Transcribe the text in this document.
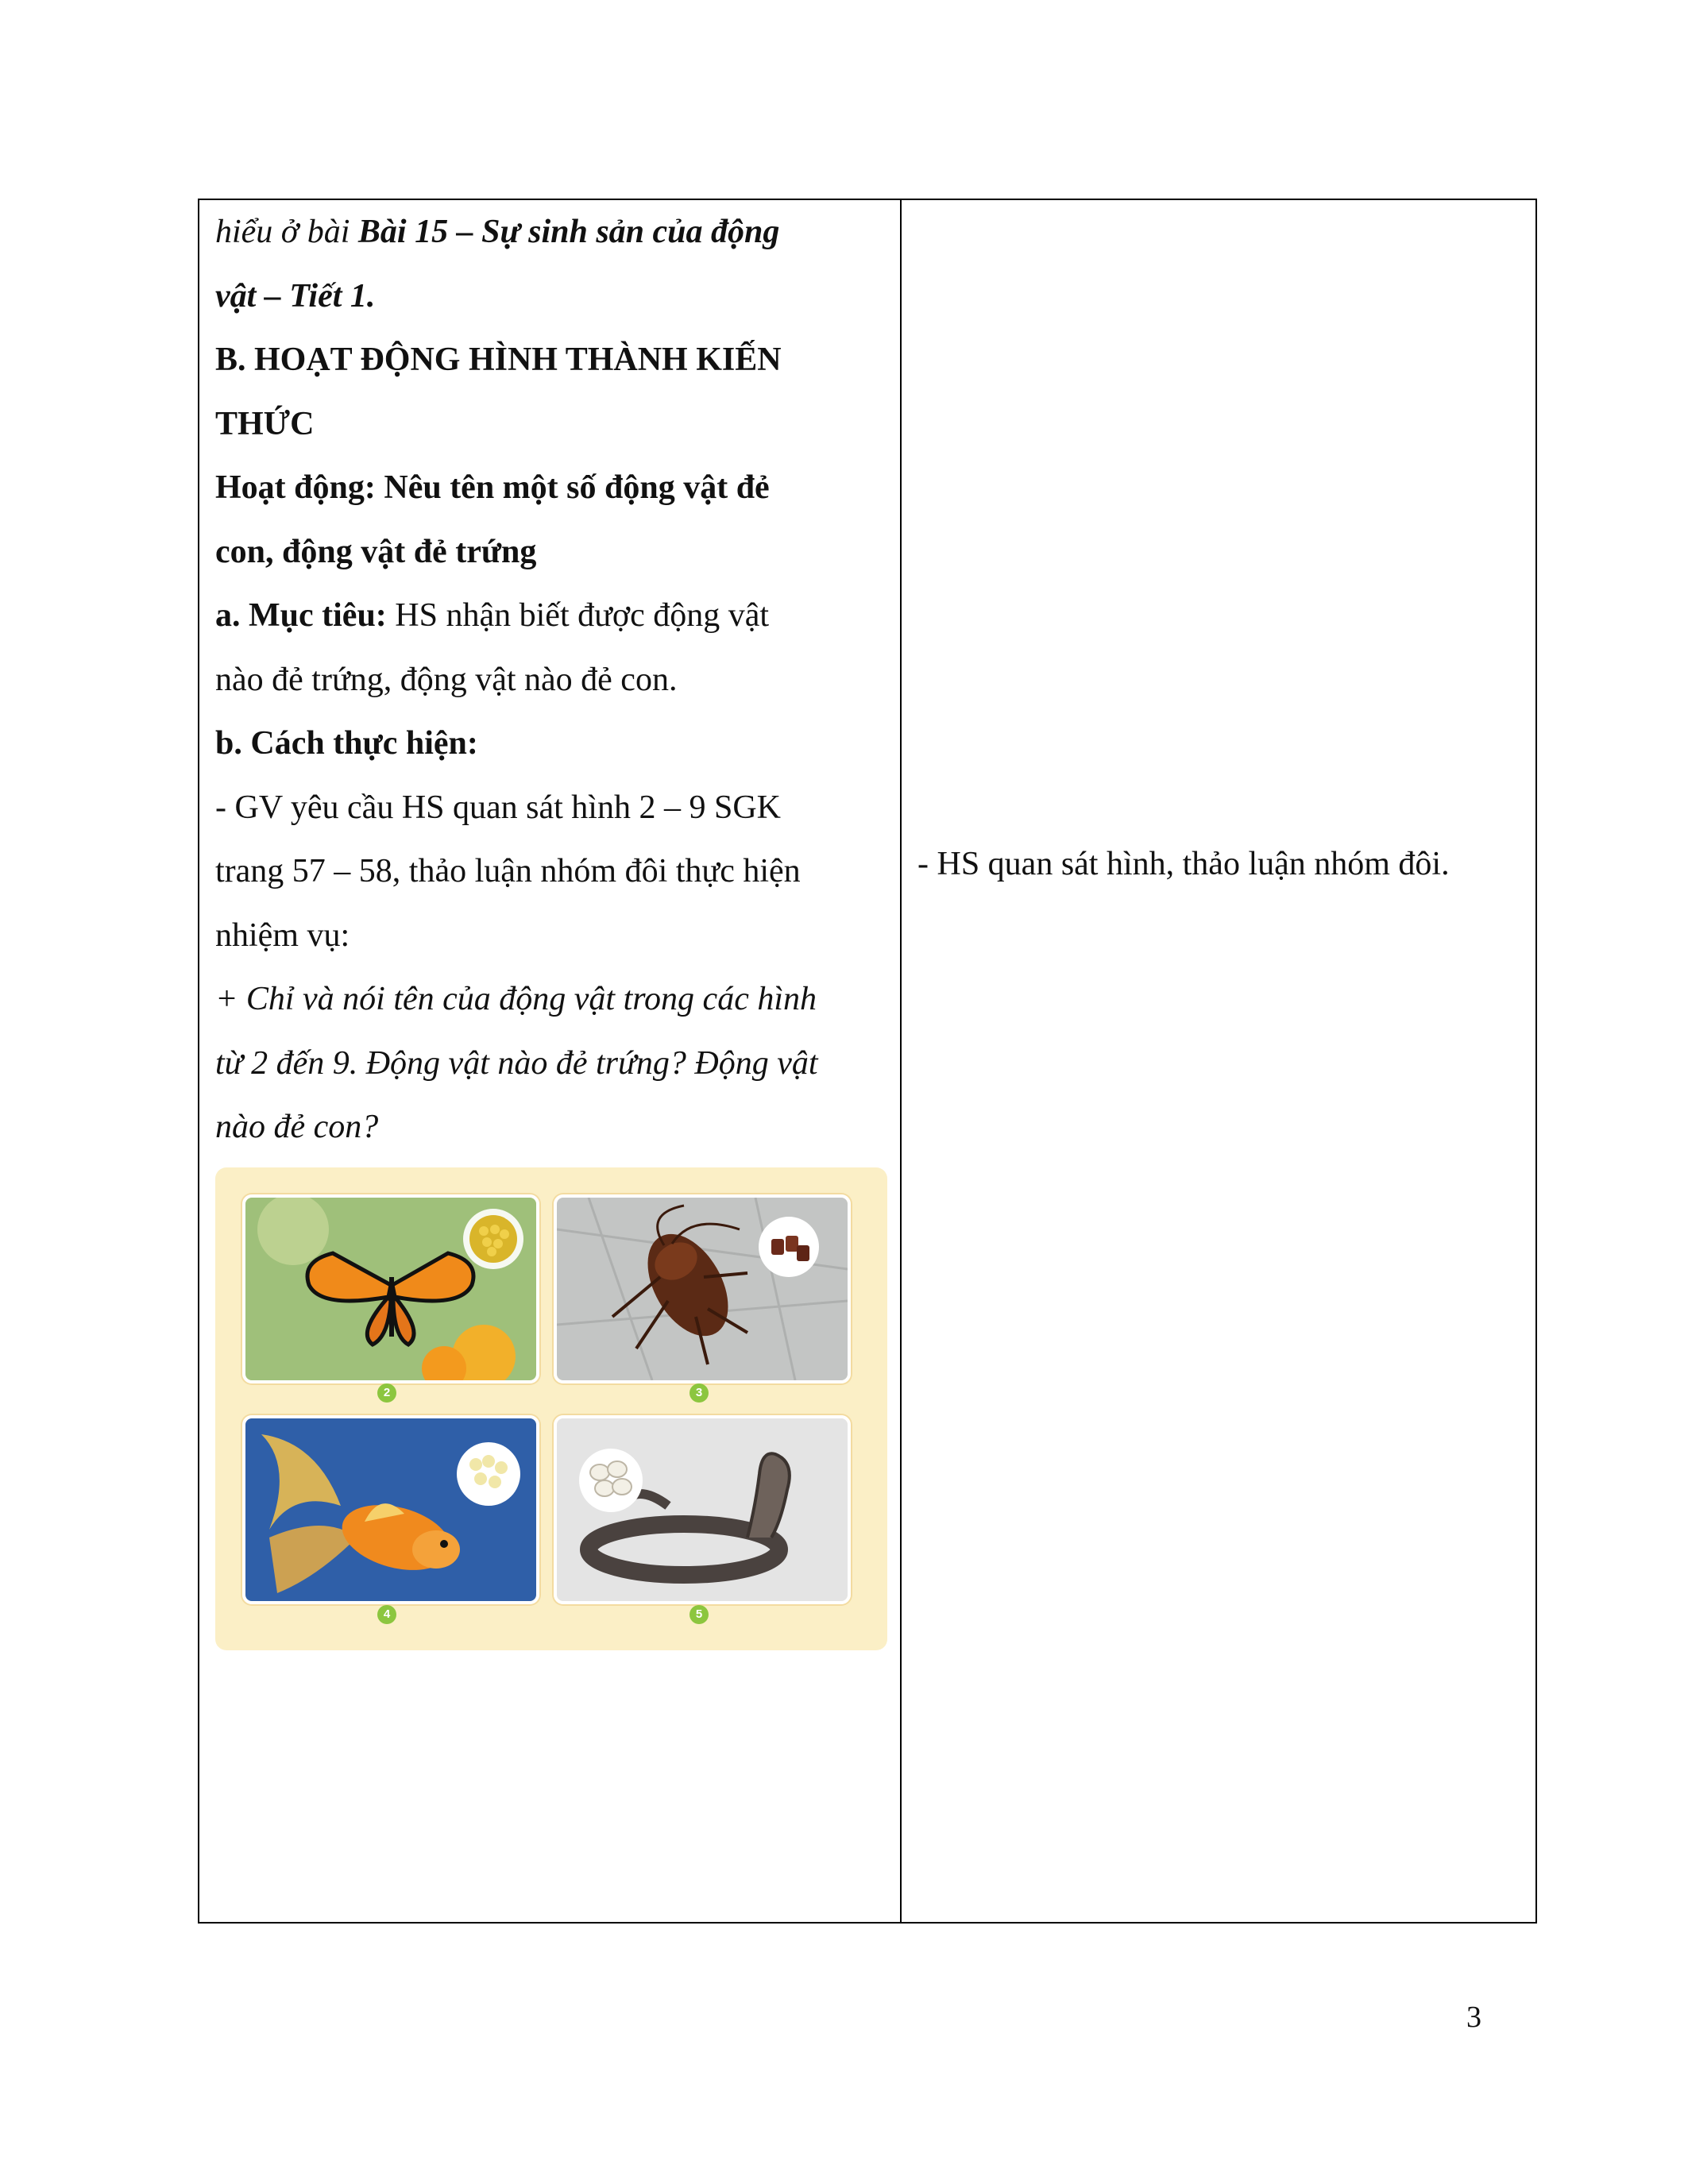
hiểu ở bài Bài 15 – Sự sinh sản của động

vật – Tiết 1.

B. HOẠT ĐỘNG HÌNH THÀNH KIẾN

THỨC

Hoạt động: Nêu tên một số động vật đẻ

con, động vật đẻ trứng

a. Mục tiêu: HS nhận biết được động vật

nào đẻ trứng, động vật nào đẻ con.

b. Cách thực hiện:

- GV yêu cầu HS quan sát hình 2 – 9 SGK

trang 57 – 58, thảo luận nhóm đôi thực hiện

nhiệm vụ:

+ Chỉ và nói tên của động vật trong các hình

từ 2 đến 9. Động vật nào đẻ trứng? Động vật

nào đẻ con?

2	3
4	5
- HS quan sát hình, thảo luận nhóm đôi.
3
